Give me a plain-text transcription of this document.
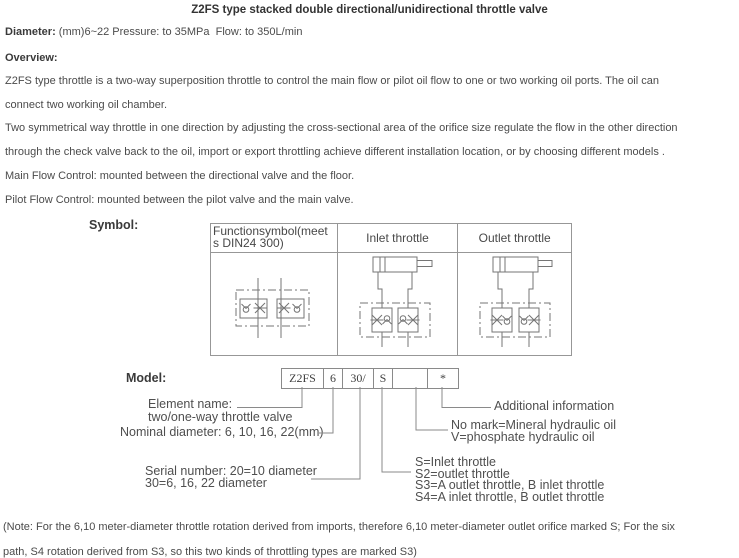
Z2FS type stacked double directional/unidirectional throttle valve
Diameter: (mm)6~22 Pressure: to 35MPa  Flow: to 350L/min
Overview:
Z2FS type throttle is a two-way superposition throttle to control the main flow or pilot oil flow to one or two working oil ports. The oil can
connect two working oil chamber.
Two symmetrical way throttle in one direction by adjusting the cross-sectional area of the orifice size regulate the flow in the other direction
through the check valve back to the oil, import or export throttling achieve different installation location, or by choosing different models .
Main Flow Control: mounted between the directional valve and the floor.
Pilot Flow Control: mounted between the pilot valve and the main valve.
Symbol:	Functionsymbol(meet
s DIN24 300)	Inlet throttle	Outlet throttle
Model:	Z2FS	6	30/	S	*
Element name:
two/one-way throttle valve
Nominal diameter: 6, 10, 16, 22(mm)
Serial number: 20=10 diameter
30=6, 16, 22 diameter
S=Inlet throttle
S2=outlet throttle
S3=A outlet throttle, B inlet throttle
S4=A inlet throttle, B outlet throttle
No mark=Mineral hydraulic oil
V=phosphate hydraulic oil
Additional information
(Note: For the 6,10 meter-diameter throttle rotation derived from imports, therefore 6,10 meter-diameter outlet orifice marked S; For the six
path, S4 rotation derived from S3, so this two kinds of throttling types are marked S3)
